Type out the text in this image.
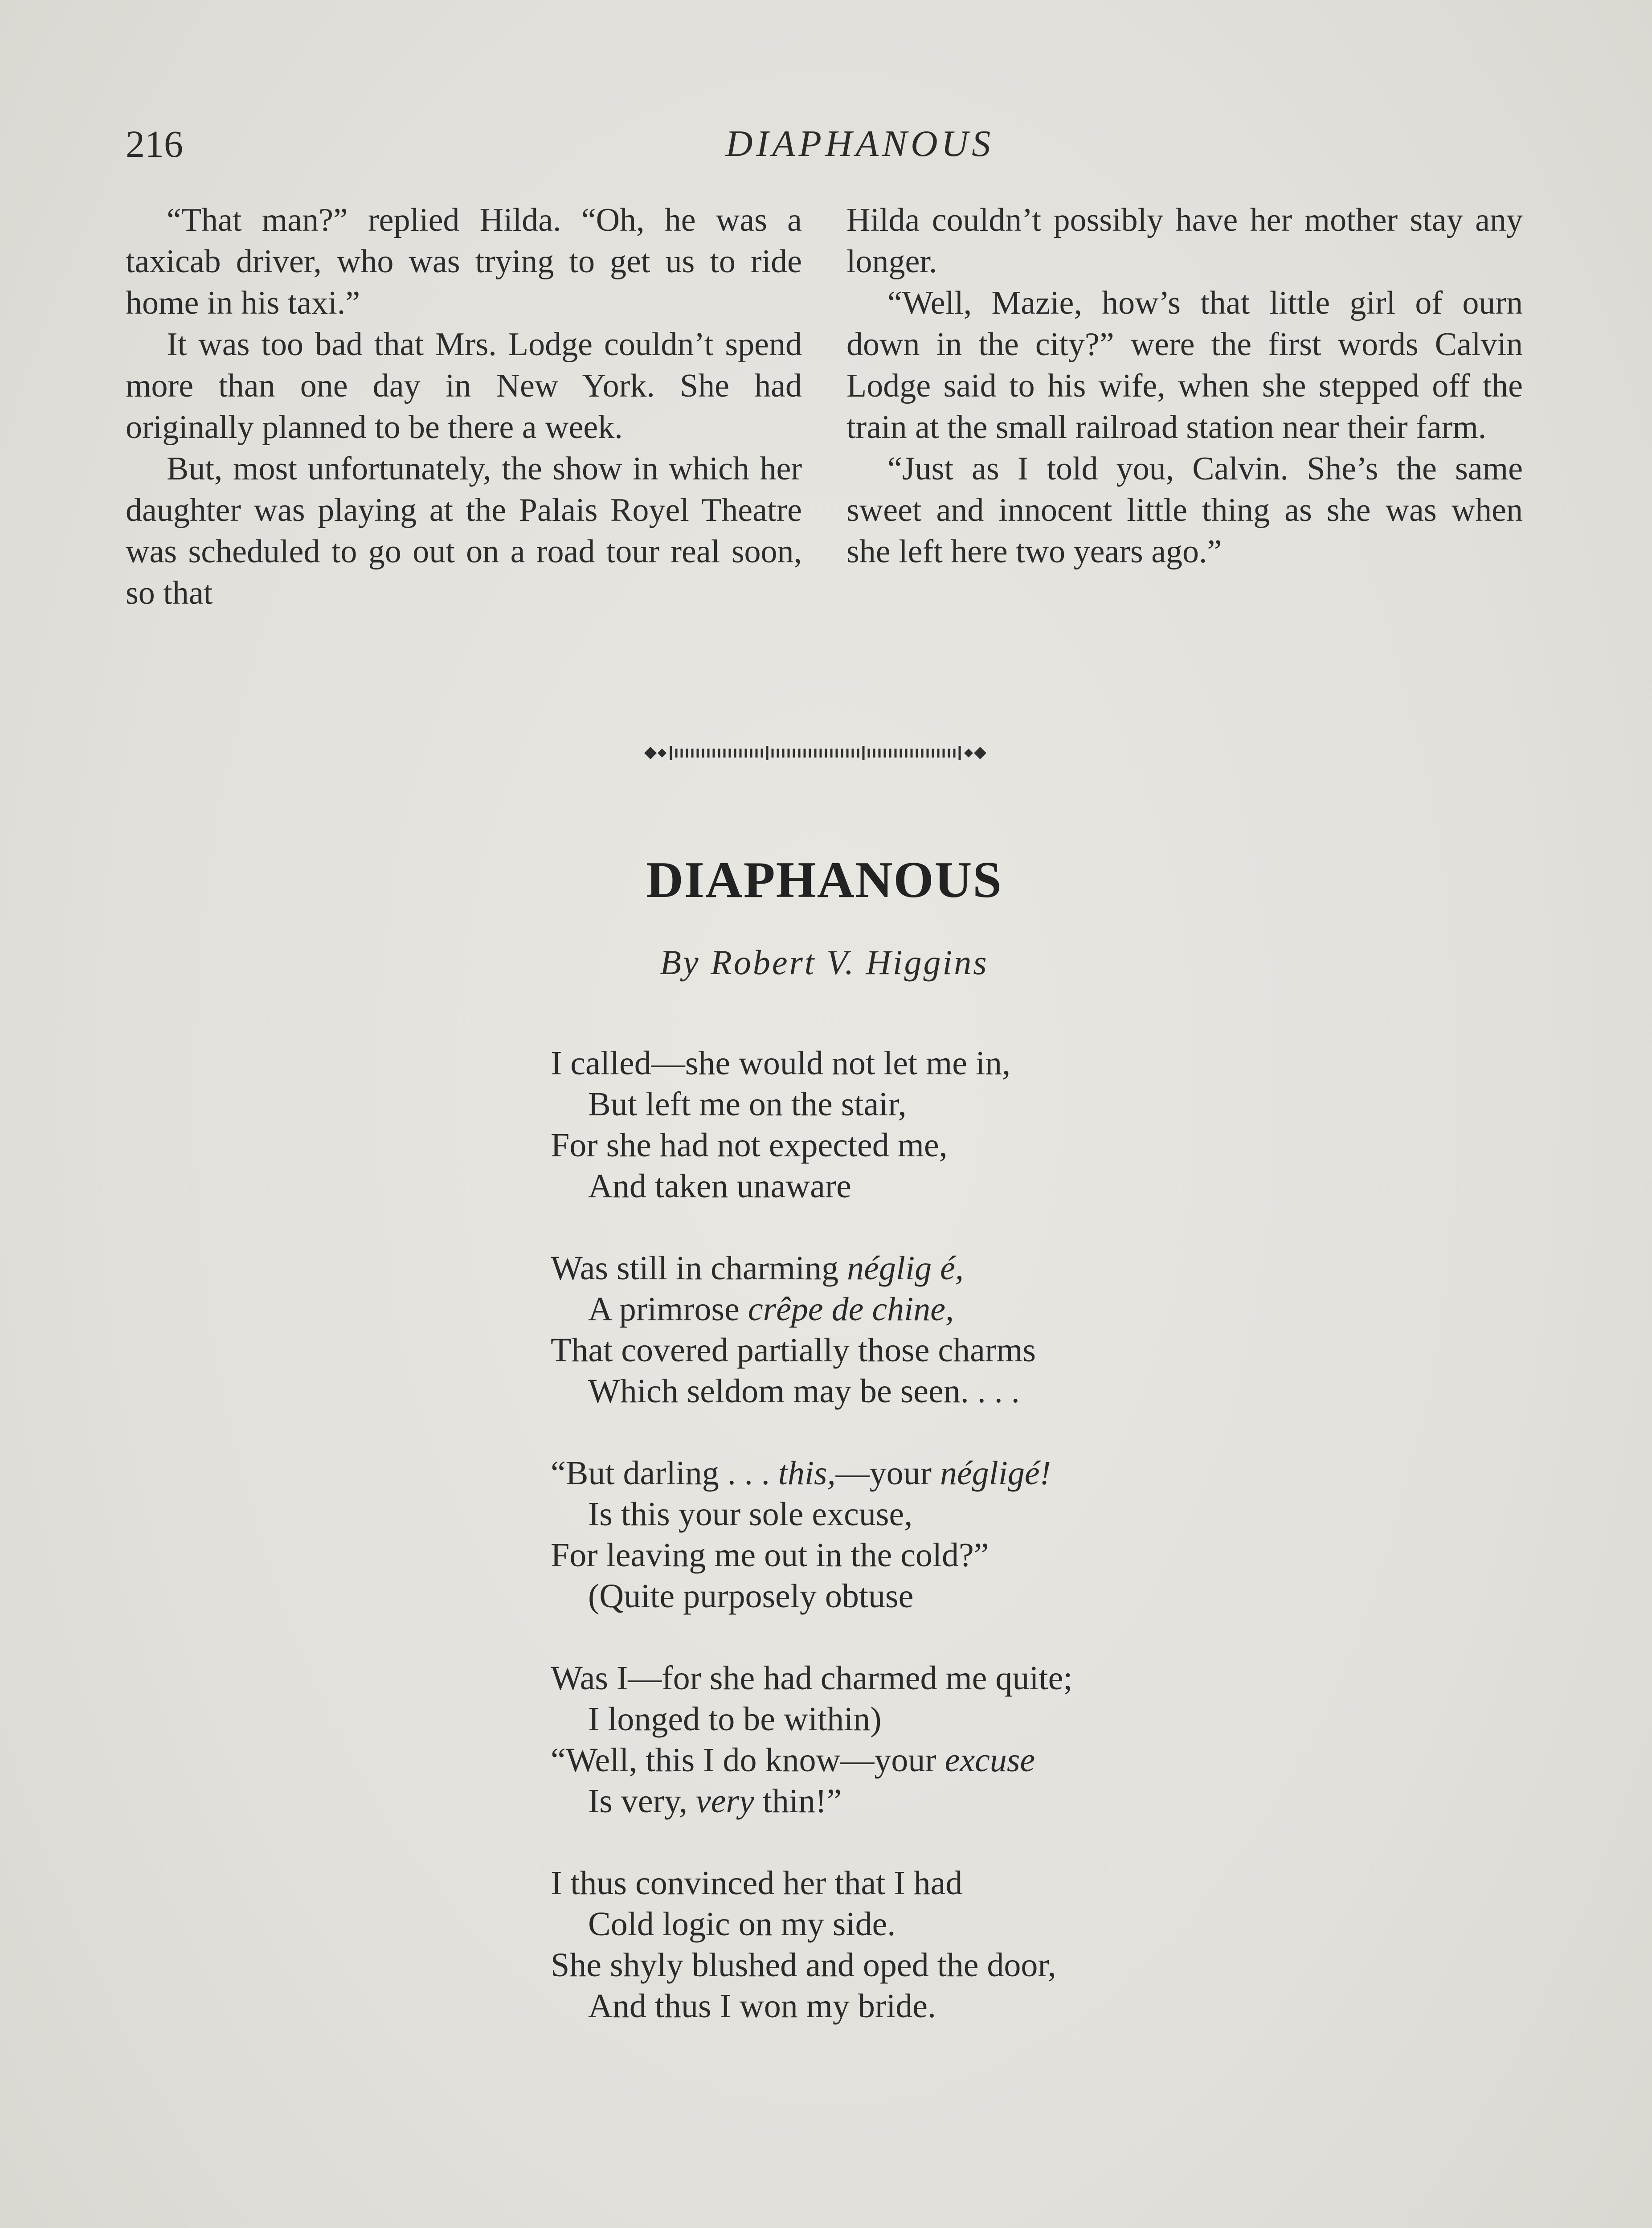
216	DIAPHANOUS

“That man?” replied Hilda. “Oh, he was a taxicab driver, who was trying to get us to ride home in his taxi.”

It was too bad that Mrs. Lodge couldn’t spend more than one day in New York. She had originally planned to be there a week.

But, most unfortunately, the show in which her daughter was playing at the Palais Royel Theatre was scheduled to go out on a road tour real soon, so that

Hilda couldn’t possibly have her mother stay any longer.

“Well, Mazie, how’s that little girl of ourn down in the city?” were the first words Calvin Lodge said to his wife, when she stepped off the train at the small railroad station near their farm.

“Just as I told you, Calvin. She’s the same sweet and innocent little thing as she was when she left here two years ago.”

DIAPHANOUS
By Robert V. Higgins
I called—she would not let me in,
But left me on the stair,
For she had not expected me,
And taken unaware
Was still in charming néglig é,
A primrose crêpe de chine,
That covered partially those charms
Which seldom may be seen. . . .
“But darling . . . this,—your négligé!
Is this your sole excuse,
For leaving me out in the cold?”
(Quite purposely obtuse
Was I—for she had charmed me quite;
I longed to be within)
“Well, this I do know—your excuse
Is very, very thin!”
I thus convinced her that I had
Cold logic on my side.
She shyly blushed and oped the door,
And thus I won my bride.
